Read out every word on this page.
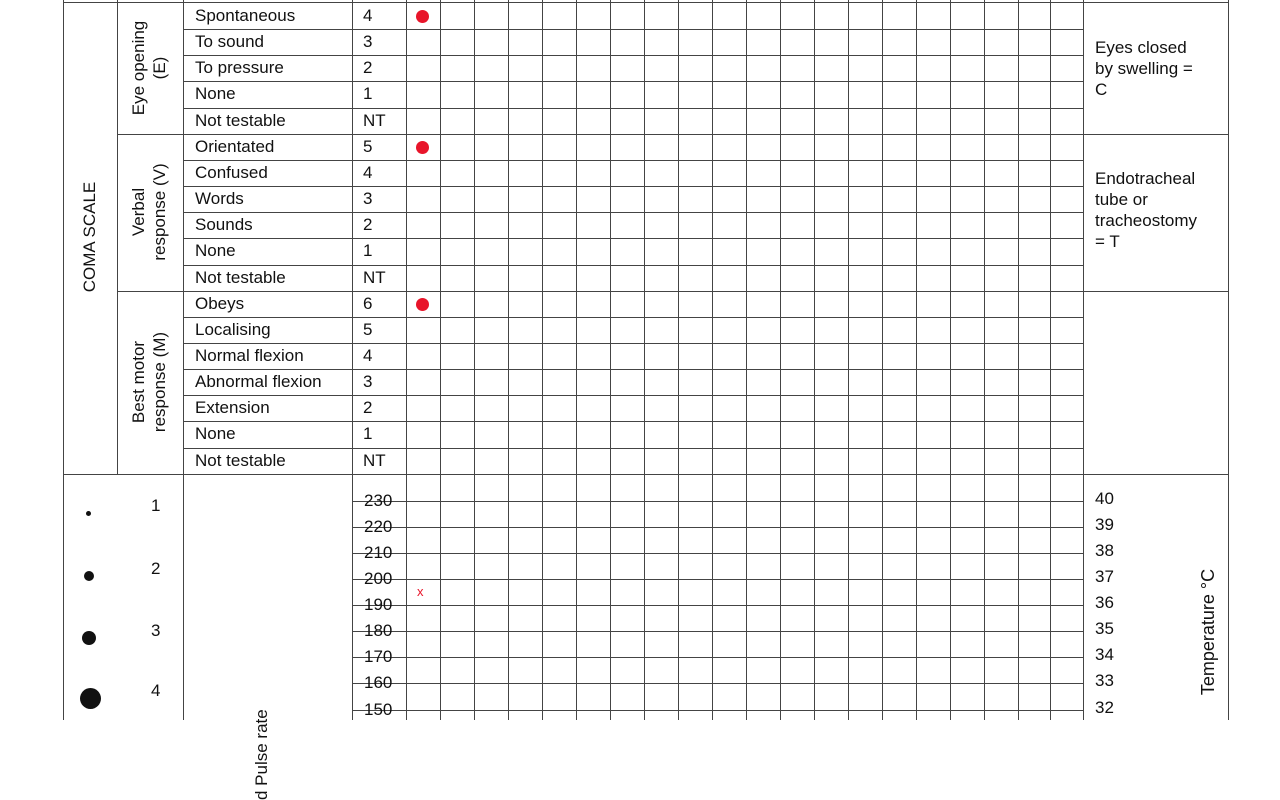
Eye opening (E)
Eyes closed
by swelling =
C
Spontaneous	4
To sound	3
To pressure	2
None	1
Not testable	NT
Verbal response (V)	Endotracheal
tube or
tracheostomy
= T
Orientated	5
Confused	4
Words	3
Sounds	2
None	1
Not testable	NT
Best motor response (M)
Obeys	6
Localising	5
Normal flexion	4
Abnormal flexion 3
Extension	2
None	1
Not testable	NT
COMA SCALE
230
220
210
200
190
180
170
160
150
40
39
38
37
36
35
34
33
32
x
d Pulse rate
Temperature °C
1
2
3
4
